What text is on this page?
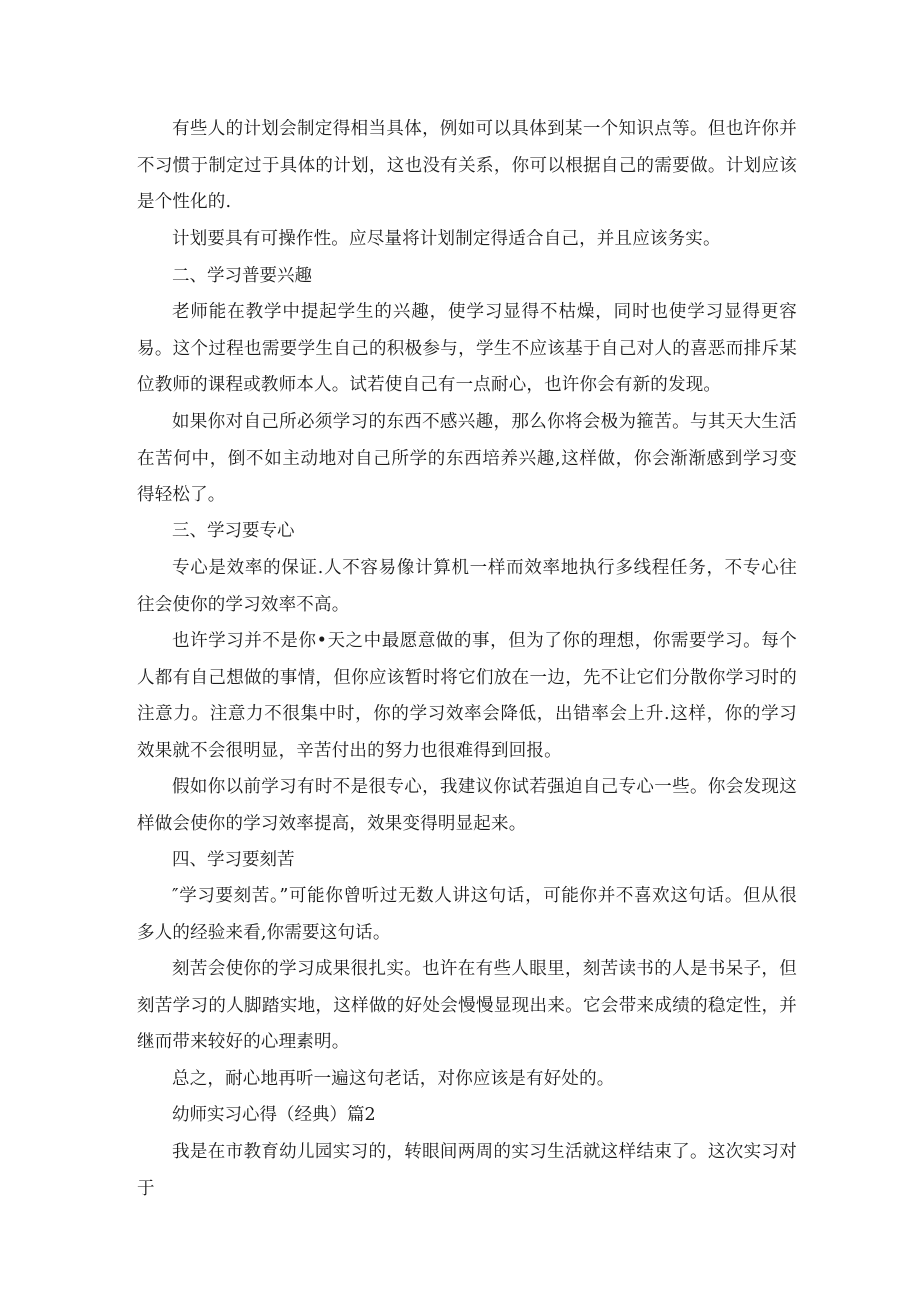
有些人的计划会制定得相当具体，例如可以具体到某一个知识点等。但也许你并不习惯于制定过于具体的计划，这也没有关系，你可以根据自己的需要做。计划应该是个性化的.

计划要具有可操作性。应尽量将计划制定得适合自己，并且应该务实。

二、学习普要兴趣

老师能在教学中提起学生的兴趣，使学习显得不枯燥，同时也使学习显得更容易。这个过程也需要学生自己的积极参与，学生不应该基于自己对人的喜恶而排斥某位教师的课程或教师本人。试若使自己有一点耐心，也许你会有新的发现。

如果你对自己所必须学习的东西不感兴趣，那么你将会极为箍苦。与其天大生活在苦何中，倒不如主动地对自己所学的东西培养兴趣,这样做，你会渐渐感到学习变得轻松了。

三、学习要专心

专心是效率的保证.人不容易像计算机一样而效率地执行多线程任务，不专心往往会使你的学习效率不高。

也许学习并不是你•天之中最愿意做的事，但为了你的理想，你需要学习。每个人都有自己想做的事情，但你应该暂时将它们放在一边，先不让它们分散你学习时的注意力。注意力不很集中时，你的学习效率会降低，出错率会上升.这样，你的学习效果就不会很明显，辛苦付出的努力也很难得到回报。

假如你以前学习有时不是很专心，我建议你试若强迫自己专心一些。你会发现这样做会使你的学习效率提高，效果变得明显起来。

四、学习要刻苦

″学习要刻苦。”可能你曾听过无数人讲这句话，可能你并不喜欢这句话。但从很多人的经验来看,你需要这句话。

刻苦会使你的学习成果很扎实。也许在有些人眼里，刻苦读书的人是书呆子，但刻苦学习的人脚踏实地，这样做的好处会慢慢显现出来。它会带来成绩的稳定性，并继而带来较好的心理素明。

总之，耐心地再听一遍这句老话，对你应该是有好处的。

幼师实习心得（经典）篇2

我是在市教育幼儿园实习的，转眼间两周的实习生活就这样结束了。这次实习对于
